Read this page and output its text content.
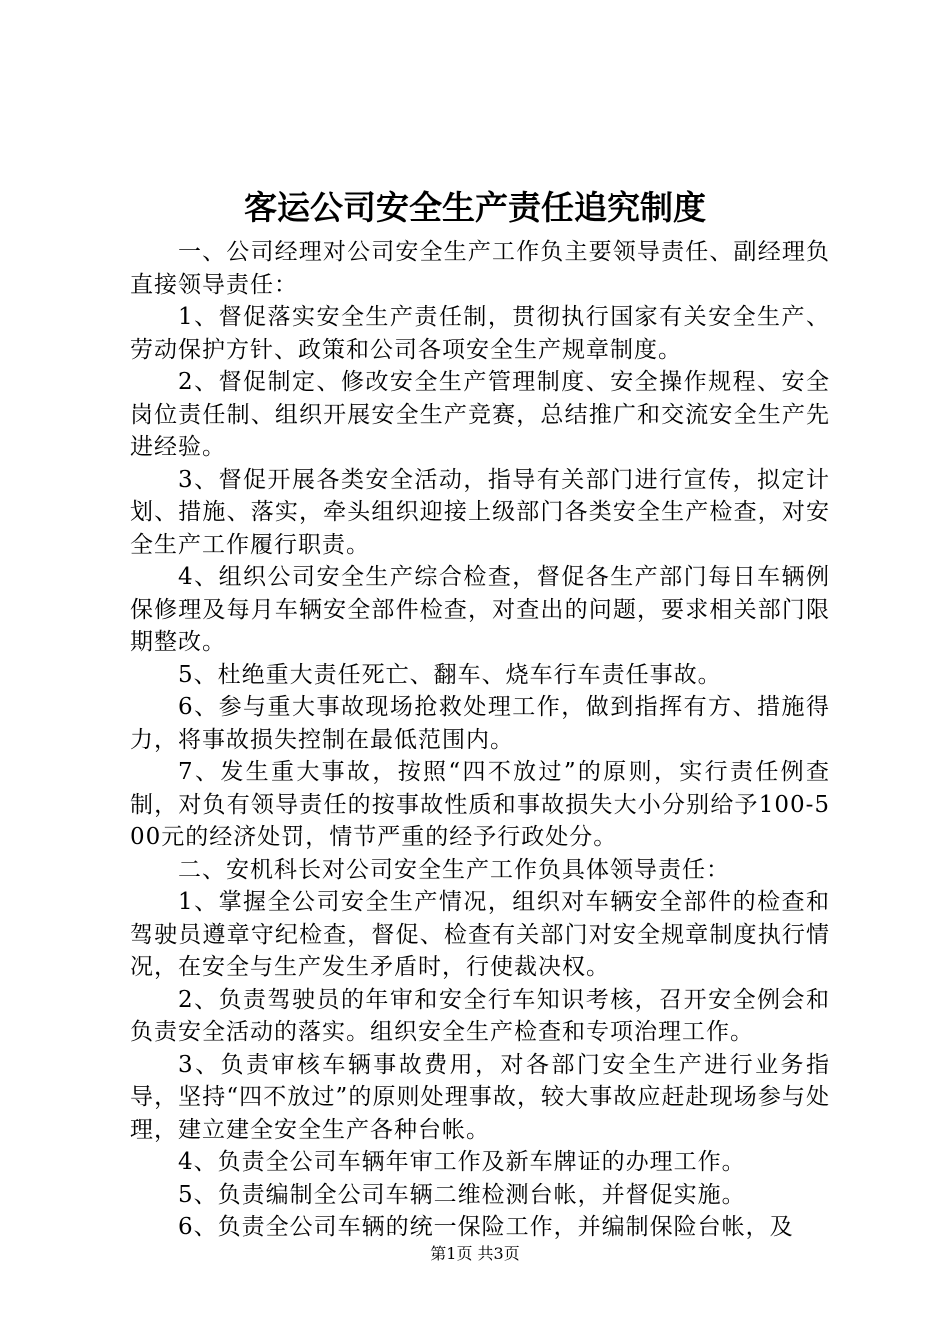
客运公司安全生产责任追究制度

一、公司经理对公司安全生产工作负主要领导责任、副经理负直接领导责任：

1、督促落实安全生产责任制，贯彻执行国家有关安全生产、劳动保护方针、政策和公司各项安全生产规章制度。

2、督促制定、修改安全生产管理制度、安全操作规程、安全岗位责任制、组织开展安全生产竞赛，总结推广和交流安全生产先进经验。

3、督促开展各类安全活动，指导有关部门进行宣传，拟定计划、措施、落实，牵头组织迎接上级部门各类安全生产检查，对安全生产工作履行职责。

4、组织公司安全生产综合检查，督促各生产部门每日车辆例保修理及每月车辆安全部件检查，对查出的问题，要求相关部门限期整改。

5、杜绝重大责任死亡、翻车、烧车行车责任事故。

6、参与重大事故现场抢救处理工作，做到指挥有方、措施得力，将事故损失控制在最低范围内。

7、发生重大事故，按照“四不放过”的原则，实行责任例查制，对负有领导责任的按事故性质和事故损失大小分别给予100-500元的经济处罚，情节严重的经予行政处分。

二、安机科长对公司安全生产工作负具体领导责任：

1、掌握全公司安全生产情况，组织对车辆安全部件的检查和驾驶员遵章守纪检查，督促、检查有关部门对安全规章制度执行情况，在安全与生产发生矛盾时，行使裁决权。

2、负责驾驶员的年审和安全行车知识考核，召开安全例会和负责安全活动的落实。组织安全生产检查和专项治理工作。

3、负责审核车辆事故费用，对各部门安全生产进行业务指导，坚持“四不放过”的原则处理事故，较大事故应赶赴现场参与处理，建立建全安全生产各种台帐。

4、负责全公司车辆年审工作及新车牌证的办理工作。

5、负责编制全公司车辆二维检测台帐，并督促实施。

6、负责全公司车辆的统一保险工作，并编制保险台帐，及

第1页 共3页
